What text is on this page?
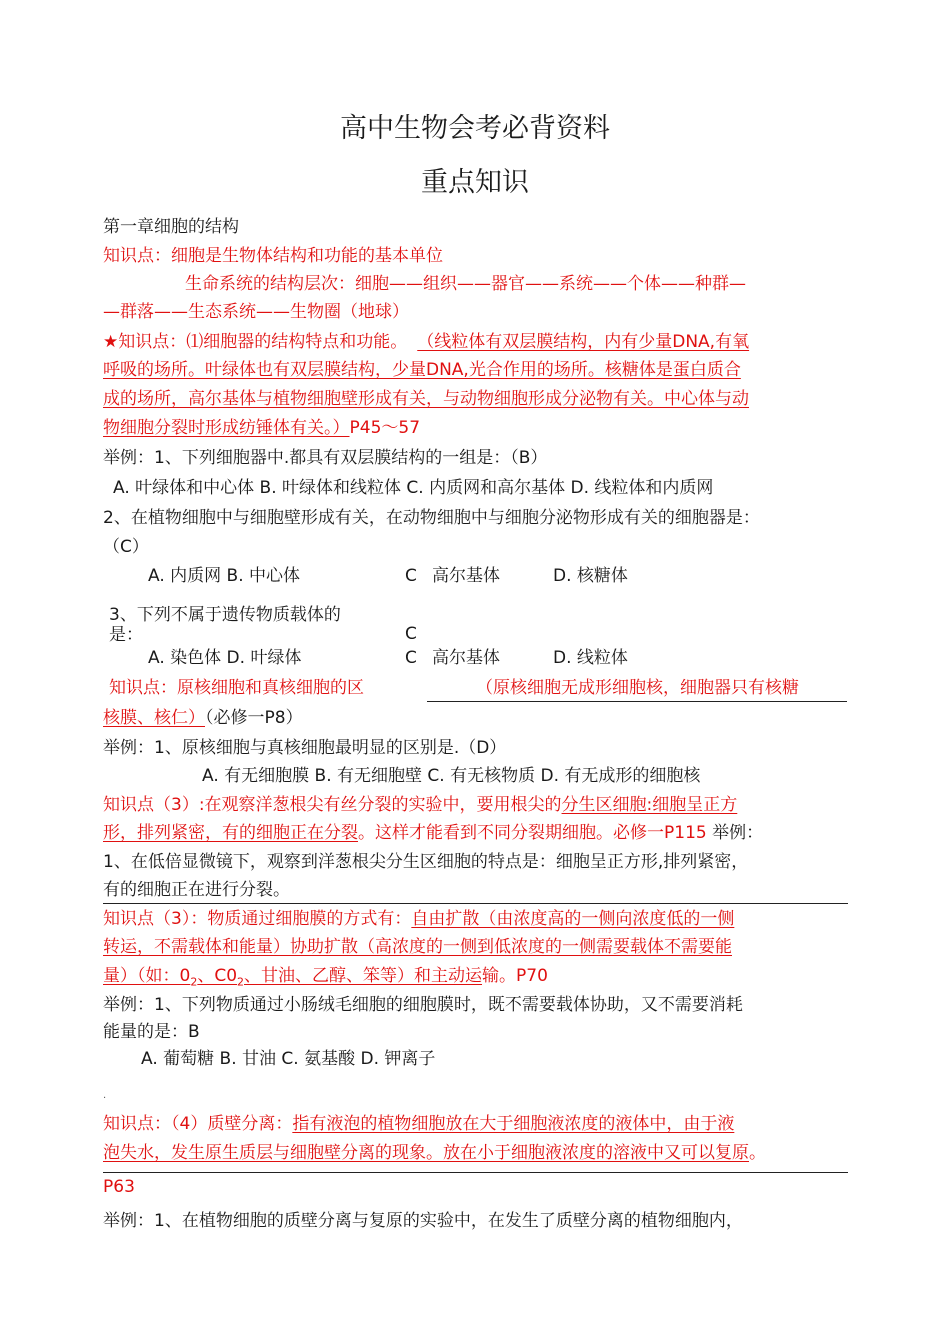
高中生物会考必背资料
重点知识
第一章细胞的结构
知识点：细胞是生物体结构和功能的基本单位
生命系统的结构层次：细胞——组织——器官——系统——个体——种群—
—群落——生态系统——生物圈（地球）
★知识点：⑴细胞器的结构特点和功能。 （线粒体有双层膜结构，内有少量DNA,有氧
呼吸的场所。叶绿体也有双层膜结构，少量DNA,光合作用的场所。核糖体是蛋白质合
成的场所，高尔基体与植物细胞壁形成有关，与动物细胞形成分泌物有关。中心体与动
物细胞分裂时形成纺锤体有关。）P45〜57
举例：1、下列细胞器中.都具有双层膜结构的一组是：（B）
A. 叶绿体和中心体 B. 叶绿体和线粒体 C. 内质网和高尔基体 D. 线粒体和内质网
2、在植物细胞中与细胞壁形成有关，在动物细胞中与细胞分泌物形成有关的细胞器是：
（C）
A. 内质网 B. 中心体	C 高尔基体	D. 核糖体
3、下列不属于遗传物质载体的
是：	C
A. 染色体 D. 叶绿体	C 高尔基体	D. 线粒体
知识点：原核细胞和真核细胞的区	（原核细胞无成形细胞核，细胞器只有核糖
核膜、核仁）（必修一P8）
举例：1、原核细胞与真核细胞最明显的区别是.（D）
A. 有无细胞膜 B. 有无细胞壁 C. 有无核物质 D. 有无成形的细胞核
知识点（3）:在观察洋葱根尖有丝分裂的实验中，要用根尖的分生区细胞:细胞呈正方
形，排列紧密，有的细胞正在分裂。这样才能看到不同分裂期细胞。必修一P115 举例：
1、在低倍显微镜下，观察到洋葱根尖分生区细胞的特点是：细胞呈正方形,排列紧密，
有的细胞正在进行分裂。
知识点（3）：物质通过细胞膜的方式有：自由扩散（由浓度高的一侧向浓度低的一侧
转运，不需载体和能量）协助扩散（高浓度的一侧到低浓度的一侧需要载体不需要能
量）（如：$0_2$、$C0_2$、甘油、乙醇、笨等）和主动运输。P70
举例：1、下列物质通过小肠绒毛细胞的细胞膜时，既不需要载体协助，又不需要消耗
能量的是：B
A. 葡萄糖 B. 甘油 C. 氨基酸 D. 钾离子
.
知识点：（4）质壁分离：指有液泡的植物细胞放在大于细胞液浓度的液体中，由于液
泡失水，发生原生质层与细胞壁分离的现象。放在小于细胞液浓度的溶液中又可以复原。
P63
举例：1、在植物细胞的质壁分离与复原的实验中，在发生了质壁分离的植物细胞内，
